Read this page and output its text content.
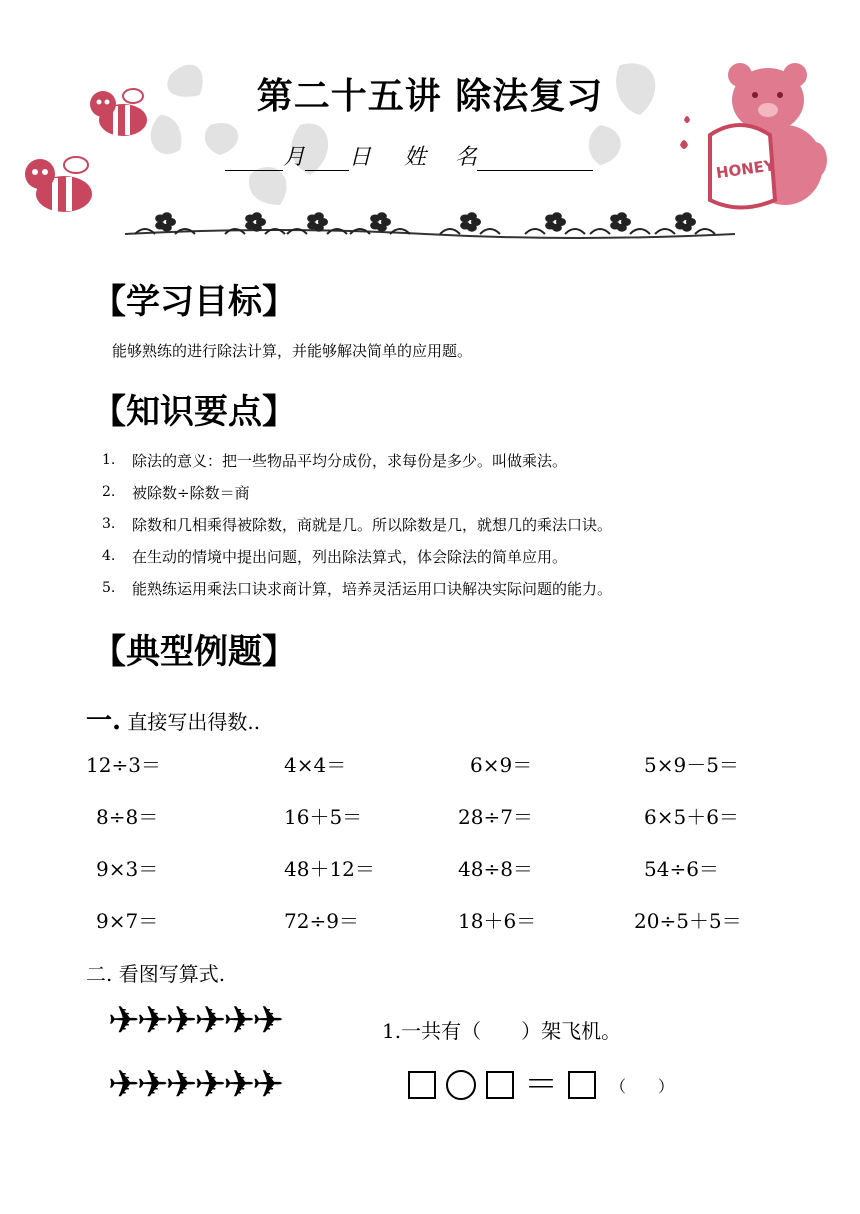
HONEY
第二十五讲 除法复习
月 日 姓　 名
【学习目标】
能够熟练的进行除法计算，并能够解决简单的应用题。
【知识要点】
1. 除法的意义：把一些物品平均分成份，求每份是多少。叫做乘法。
2. 被除数÷除数＝商
3. 除数和几相乘得被除数，商就是几。所以除数是几，就想几的乘法口诀。
4. 在生动的情境中提出问题，列出除法算式，体会除法的简单应用。
5. 能熟练运用乘法口诀求商计算，培养灵活运用口诀解决实际问题的能力。
【典型例题】
一. 直接写出得数..
12÷3＝	4×4＝	6×9＝	5×9－5＝
8÷8＝	16＋5＝	28÷7＝	6×5＋6＝
9×3＝	48＋12＝	48÷8＝	54÷6＝
9×7＝	72÷9＝	18＋6＝	20÷5＋5＝
二. 看图写算式.
✈✈✈✈✈✈
✈✈✈✈✈✈
1.一共有（　　）架飞机。
＝	（　　）
